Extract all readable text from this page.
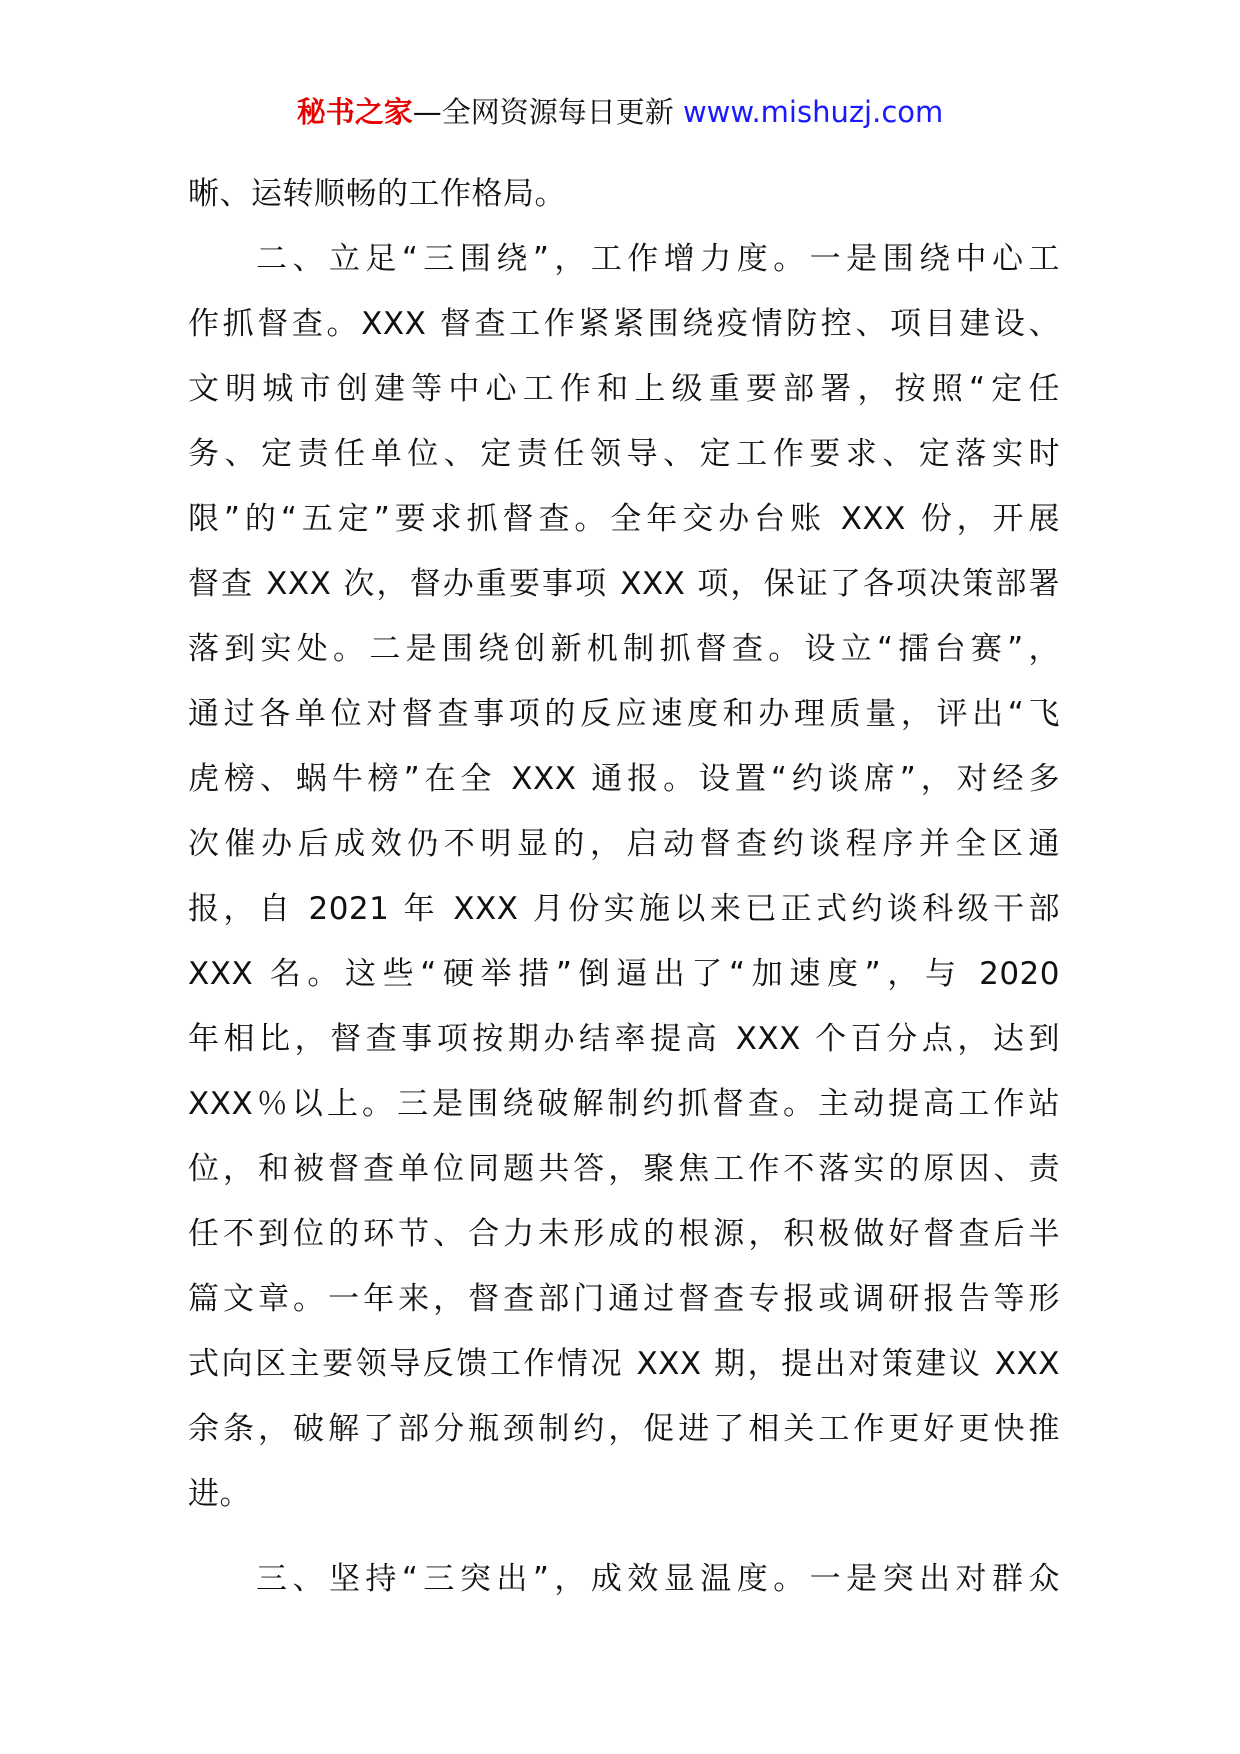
秘书之家—全网资源每日更新 www.mishuzj.com
晰、运转顺畅的工作格局。
二、立足“三围绕”，工作增力度。一是围绕中心工
作抓督查。XXX 督查工作紧紧围绕疫情防控、项目建设、
文明城市创建等中心工作和上级重要部署，按照“定任
务、定责任单位、定责任领导、定工作要求、定落实时
限”的“五定”要求抓督查。全年交办台账 XXX 份，开展
督查 XXX 次，督办重要事项 XXX 项，保证了各项决策部署
落到实处。二是围绕创新机制抓督查。设立“擂台赛”，
通过各单位对督查事项的反应速度和办理质量，评出“飞
虎榜、蜗牛榜”在全 XXX 通报。设置“约谈席”，对经多
次催办后成效仍不明显的，启动督查约谈程序并全区通
报，自 2021 年 XXX 月份实施以来已正式约谈科级干部
XXX 名。这些“硬举措”倒逼出了“加速度”，与 2020
年相比，督查事项按期办结率提高 XXX 个百分点，达到
XXX％以上。三是围绕破解制约抓督查。主动提高工作站
位，和被督查单位同题共答，聚焦工作不落实的原因、责
任不到位的环节、合力未形成的根源，积极做好督查后半
篇文章。一年来，督查部门通过督查专报或调研报告等形
式向区主要领导反馈工作情况 XXX 期，提出对策建议 XXX
余条，破解了部分瓶颈制约，促进了相关工作更好更快推
进。
三、坚持“三突出”，成效显温度。一是突出对群众
